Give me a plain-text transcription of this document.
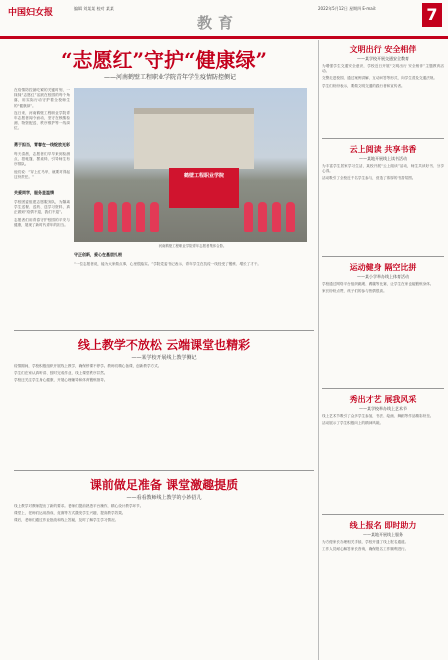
中国妇女报	编辑 刘某某 校对 某某
教育
2022年5月12日 星期四 E-mail:	7
“志愿红”守护“健康绿”
——河南鹤壁工程职业学院青年学生疫情防控侧记

在疫情防控最吃紧的关键时刻，一抹抹“志愿红”活跃在校园的每个角落，用实际行动守护着全校师生的“健康绿”。

连日来，河南鹤壁工程职业学院青年志愿者闻令而动，坚守在核酸检测、物资配送、秩序维护等一线岗位。

勇于担当，青春在一线绽放光彩

每天清晨，志愿者们早早来到检测点，搭帐篷、摆桌椅、引导师生有序排队。

他们说：“穿上红马甲，就要对得起这份责任。”

关爱同学，服务显温情

学校团委组建志愿服务队，为隔离学生送餐、送药、送学习资料，真正做到“疫情不退，我们不退”。

志愿者们用青春守护校园的平安与健康，展现了新时代青年的担当。

鹤壁工程职业学院
河南鹤壁工程职业学院青年志愿者集体合影。
守正创新，爱心在基层扎根

“一位志愿者说，能为大家做点事，心里很踏实。”学院党委书记表示，青年学生在抗疫一线经受了锻炼、增长了才干。

文明出行 安全相伴
——某学校开展交通安全教育

为增强学生交通安全意识，学校近日开展“文明出行 安全相伴”主题教育活动。

交警走进校园，通过案例讲解、互动问答等形式，向学生普及交通法规。

学生们纷纷表示，要做文明交通的践行者和宣传者。

云上阅读 共享书香
——某地开展线上读书活动

为丰富学生居家学习生活，某校开展“云上阅读”活动，师生共读好书、分享心得。

活动吸引了全校近千名学生参与，营造了浓厚的书香氛围。

运动健身 隔空比拼
——某小学举办线上体育活动

学校通过网络平台组织跳绳、踢毽等比赛，让学生在家也能锻炼身体。

家长纷纷点赞，孩子们的参与热情很高。

秀出才艺 展我风采
——某学校举办线上艺术节

线上艺术节吸引了众多学生参加，书法、绘画、舞蹈等作品精彩纷呈。

活动展示了学生积极向上的精神风貌。

线上报名 即时助力
——某地开展线上服务

为方便家长办理相关手续，学校开通了线上报名通道。

工作人员耐心解答家长咨询，确保报名工作顺利进行。

线上教学不放松 云端课堂也精彩
——某学校开展线上教学侧记

疫情期间，学校积极组织开展线上教学，确保停课不停学。教师们精心备课，创新教学方式。

学生们在家认真听讲、按时完成作业，线上课堂秩序井然。

学校还关注学生身心健康，开展心理辅导和体育锻炼指导。

课前做足准备 课堂激趣提质
——看看教师线上教学的小妙招儿

线上教学对教师提出了新的要求。老师们提前熟悉平台操作，精心设计教学环节。

课堂上，老师们运用游戏、竞赛等方式激发学生兴趣，提高教学效果。

课后，老师们通过作业批改和线上答疑，及时了解学生学习情况。
